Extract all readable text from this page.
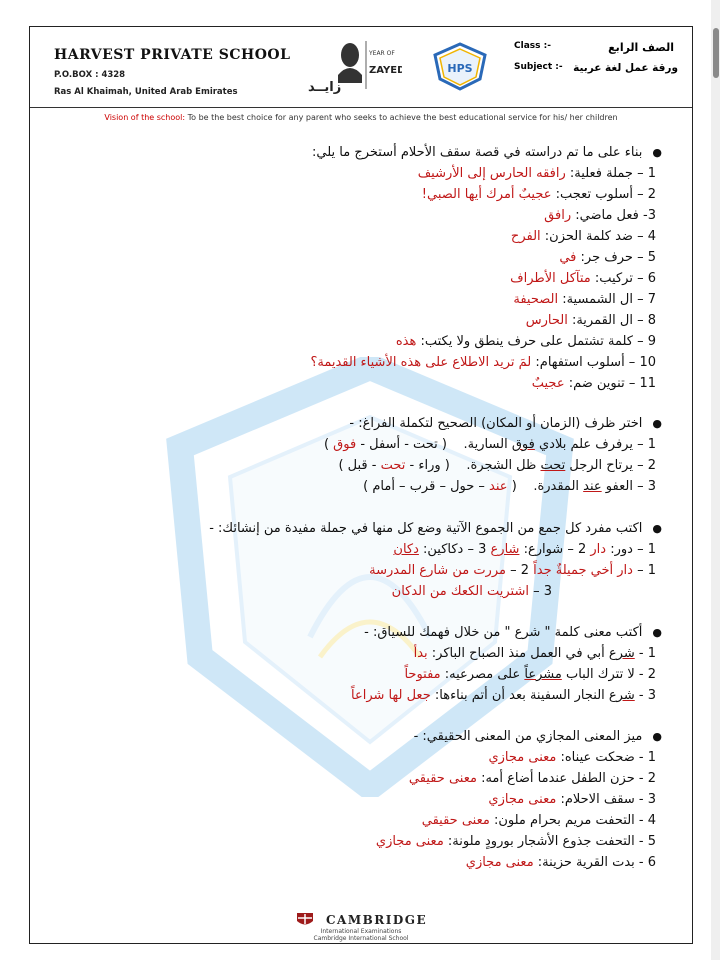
HARVEST PRIVATE SCHOOL
P.O.BOX : 4328
Ras Al Khaimah, United Arab Emirates
YEAR OF
ZAYED
زايــد
HPS
Class :-
Subject :-
الصف الرابع
ورقة عمل لغة عربية
Vision of the school: To be the best choice for any parent who seeks to achieve the best educational service for his/ her children
●بناء على ما تم دراسته في قصة سقف الأحلام أستخرج ما يلي:
1 – جملة فعلية: رافقه الحارس إلى الأرشيف
2 – أسلوب تعجب: عجيبٌ أمرك أيها الصبي!
3- فعل ماضي: رافق
4 – ضد كلمة الحزن: الفرح
5 – حرف جر: في
6 – تركيب: متآكل الأطراف
7 – ال الشمسية: الصحيفة
8 – ال القمرية: الحارس
9 – كلمة تشتمل على حرف ينطق ولا يكتب: هذه
10 – أسلوب استفهام: لمَ تريد الاطلاع على هذه الأشياء القديمة؟
11 – تنوين ضم: عجيبٌ
●اختر ظرف (الزمان أو المكان) الصحيح لتكملة الفراغ: -
1 – يرفرف علم بلادي فوق السارية.    ( تحت - أسفل - فوق )
2 – يرتاح الرجل تحت ظل الشجرة.    ( وراء - تحت - قبل )
3 – العفو عند المقدرة.    ( عند – حول – قرب – أمام )
●اكتب مفرد كل جمع من الجموع الآتية وضع كل منها في جملة مفيدة من إنشائك: -
1 – دور: دار 2 – شوارع: شارع 3 – دكاكين: دكان
1 – دار أخي جميلةٌ جداً 2 – مررت من شارع المدرسة
3 – اشتريت الكعك من الدكان
●أكتب معنى كلمة " شرع " من خلال فهمك للسياق: -
1 - شرع أبي في العمل منذ الصباح الباكر: بدأ
2 - لا تترك الباب مشرعاً على مصرعيه: مفتوحاً
3 - شرع النجار السفينة بعد أن أتم بناءها: جعل لها شراعاً
●ميز المعنى المجازي من المعنى الحقيقي: -
1 - ضحكت عيناه: معنى مجازي
2 - حزن الطفل عندما أضاع أمه: معنى حقيقي
3 - سقف الاحلام: معنى مجازي
4 - التحفت مريم بحرام ملون: معنى حقيقي
5 - التحفت جذوع الأشجار بورودٍ ملونة: معنى مجازي
6 - بدت القرية حزينة: معنى مجازي
CAMBRIDGE
International Examinations
Cambridge International School
